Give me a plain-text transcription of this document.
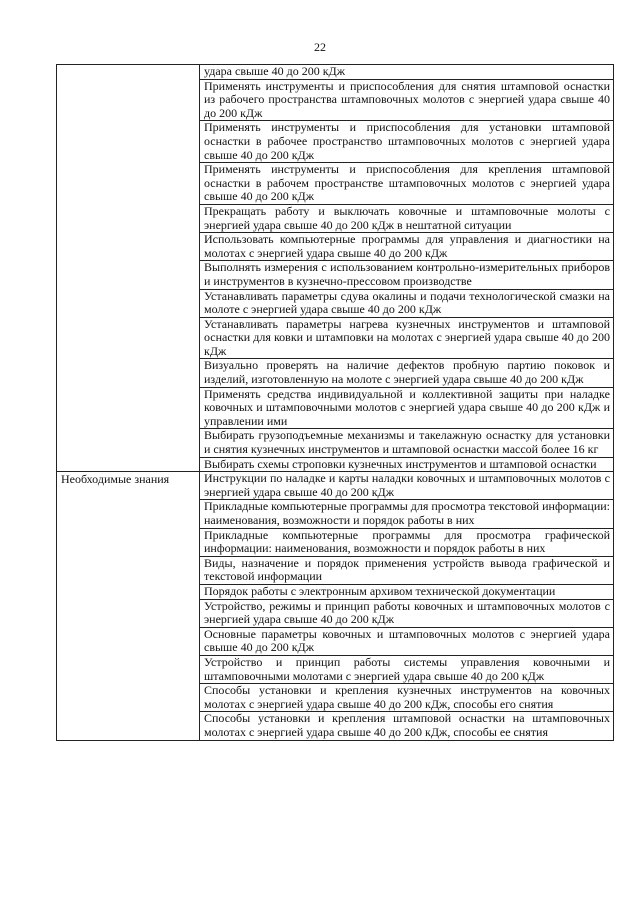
22
	удара свыше 40 до 200 кДж
	Применять инструменты и приспособления для снятия штамповой оснастки из рабочего пространства штамповочных молотов с энергией удара свыше 40 до 200 кДж
	Применять инструменты и приспособления для установки штамповой оснастки в рабочее пространство штамповочных молотов с энергией удара свыше 40 до 200 кДж
	Применять инструменты и приспособления для крепления штамповой оснастки в рабочем пространстве штамповочных молотов с энергией удара свыше 40 до 200 кДж
	Прекращать работу и выключать ковочные и штамповочные молоты с энергией удара свыше 40 до 200 кДж в нештатной ситуации
	Использовать компьютерные программы для управления и диагностики на молотах с энергией удара свыше 40 до 200 кДж
	Выполнять измерения с использованием контрольно-измерительных приборов и инструментов в кузнечно-прессовом производстве
	Устанавливать параметры сдува окалины и подачи технологической смазки на молоте с энергией удара свыше 40 до 200 кДж
	Устанавливать параметры нагрева кузнечных инструментов и штамповой оснастки для ковки и штамповки на молотах с энергией удара свыше 40 до 200 кДж
	Визуально проверять на наличие дефектов пробную партию поковок и изделий, изготовленную на молоте с энергией удара свыше 40 до 200 кДж
	Применять средства индивидуальной и коллективной защиты при наладке ковочных и штамповочными молотов с энергией удара свыше 40 до 200 кДж и управлении ими
	Выбирать грузоподъемные механизмы и такелажную оснастку для установки и снятия кузнечных инструментов и штамповой оснастки массой более 16 кг
	Выбирать схемы строповки кузнечных инструментов и штамповой оснастки
Необходимые знания	Инструкции по наладке и карты наладки ковочных и штамповочных молотов с энергией удара свыше 40 до 200 кДж
	Прикладные компьютерные программы для просмотра текстовой информации: наименования, возможности и порядок работы в них
	Прикладные компьютерные программы для просмотра графической информации: наименования, возможности и порядок работы в них
	Виды, назначение и порядок применения устройств вывода графической и текстовой информации
	Порядок работы с электронным архивом технической документации
	Устройство, режимы и принцип работы ковочных и штамповочных молотов с энергией удара свыше 40 до 200 кДж
	Основные параметры ковочных и штамповочных молотов с энергией удара свыше 40 до 200 кДж
	Устройство и принцип работы системы управления ковочными и штамповочными молотами с энергией удара свыше 40 до 200 кДж
	Способы установки и крепления кузнечных инструментов на ковочных молотах с энергией удара свыше 40 до 200 кДж, способы его снятия
	Способы установки и крепления штамповой оснастки на штамповочных молотах с энергией удара свыше 40 до 200 кДж, способы ее снятия
